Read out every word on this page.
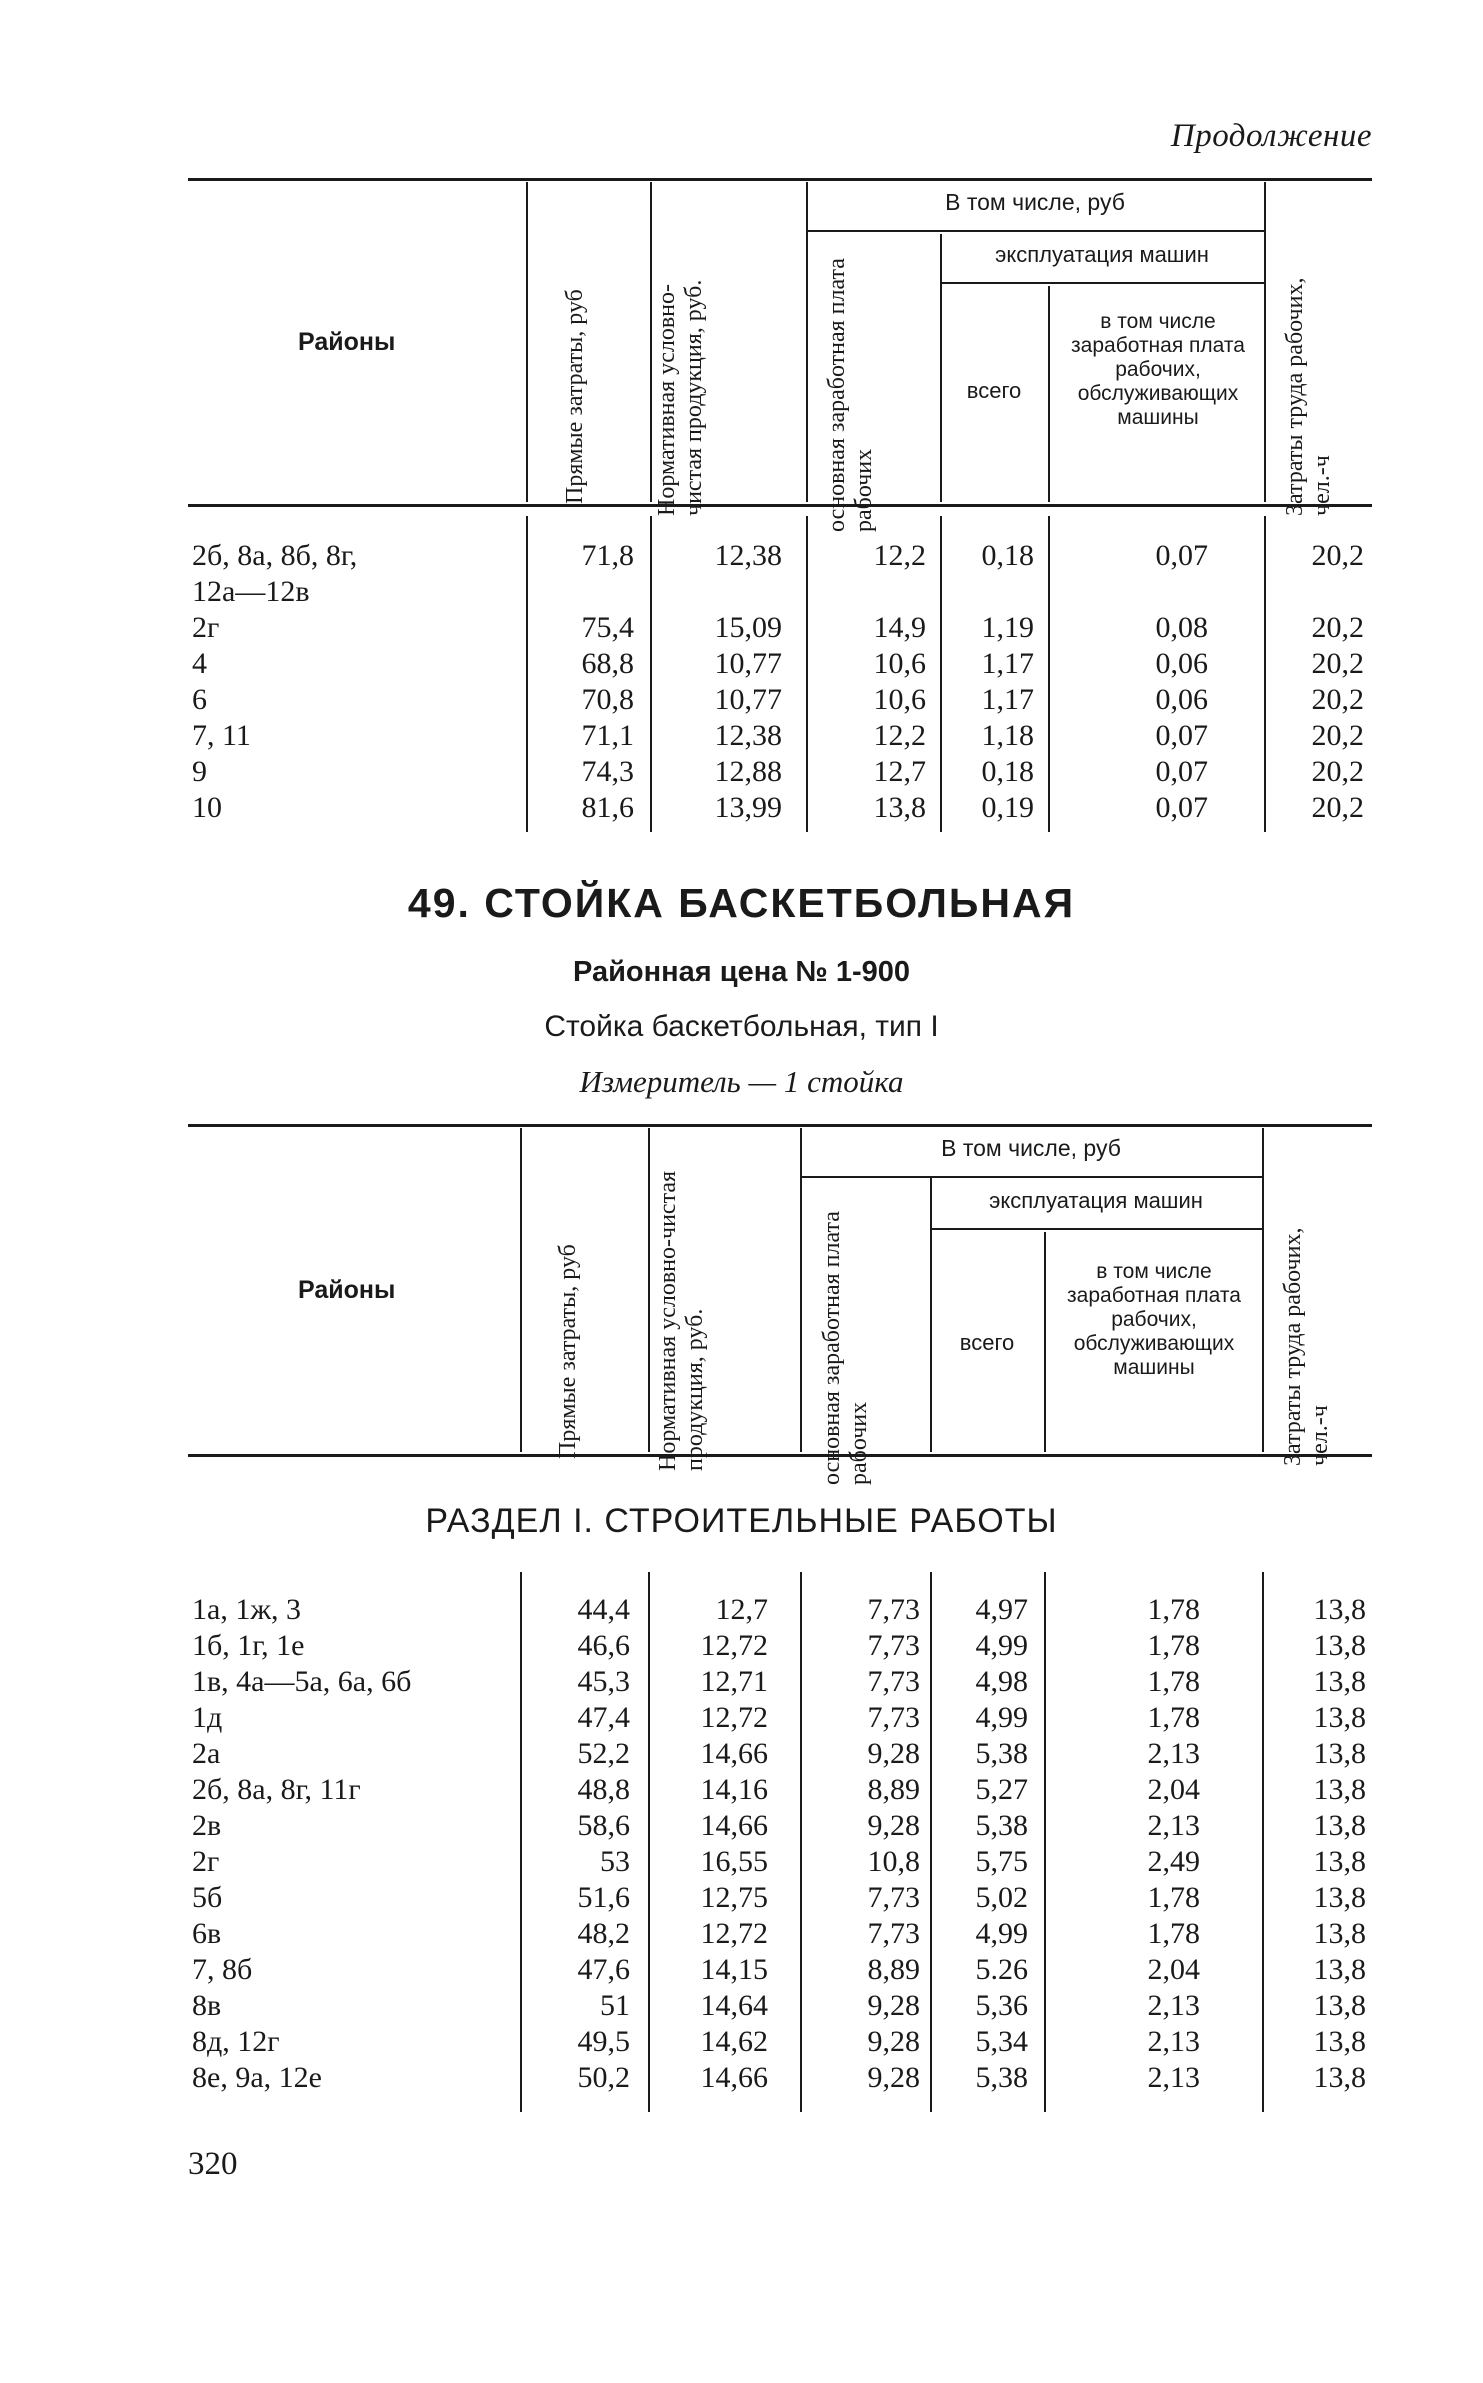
Продолжение
Районы	Прямые затраты, руб	Нормативная условно-чистая продукция, руб.
В том числе, руб
основная заработная плата рабочих
эксплуатация машин
всего
в том числе заработная плата рабочих, обслуживающих машины	Затраты труда рабочих, чел.-ч
2б, 8а, 8б, 8г,	71,8	12,38	12,2	0,18	0,07	20,2
12а—12в
2г	75,4	15,09	14,9	1,19	0,08	20,2
4	68,8	10,77	10,6	1,17	0,06	20,2
6	70,8	10,77	10,6	1,17	0,06	20,2
7, 11	71,1	12,38	12,2	1,18	0,07	20,2
9	74,3	12,88	12,7	0,18	0,07	20,2
10	81,6	13,99	13,8	0,19	0,07	20,2
49. СТОЙКА БАСКЕТБОЛЬНАЯ
Районная цена № 1-900
Стойка баскетбольная, тип I
Измеритель — 1 стойка
Районы	Прямые затраты, руб	Нормативная условно-чистая продукция, руб.
В том числе, руб
основная заработная плата рабочих
эксплуатация машин
всего
в том числе заработная плата рабочих, обслуживающих машины	Затраты труда рабочих, чел.-ч
РАЗДЕЛ I. СТРОИТЕЛЬНЫЕ РАБОТЫ
1а, 1ж, 3	44,4	12,7	7,73	4,97	1,78	13,8
1б, 1г, 1е	46,6	12,72	7,73	4,99	1,78	13,8
1в, 4а—5а, 6а, 6б	45,3	12,71	7,73	4,98	1,78	13,8
1д	47,4	12,72	7,73	4,99	1,78	13,8
2а	52,2	14,66	9,28	5,38	2,13	13,8
2б, 8а, 8г, 11г	48,8	14,16	8,89	5,27	2,04	13,8
2в	58,6	14,66	9,28	5,38	2,13	13,8
2г	53	16,55	10,8	5,75	2,49	13,8
5б	51,6	12,75	7,73	5,02	1,78	13,8
6в	48,2	12,72	7,73	4,99	1,78	13,8
7, 8б	47,6	14,15	8,89	5.26	2,04	13,8
8в	51	14,64	9,28	5,36	2,13	13,8
8д, 12г	49,5	14,62	9,28	5,34	2,13	13,8
8е, 9а, 12е	50,2	14,66	9,28	5,38	2,13	13,8
320
